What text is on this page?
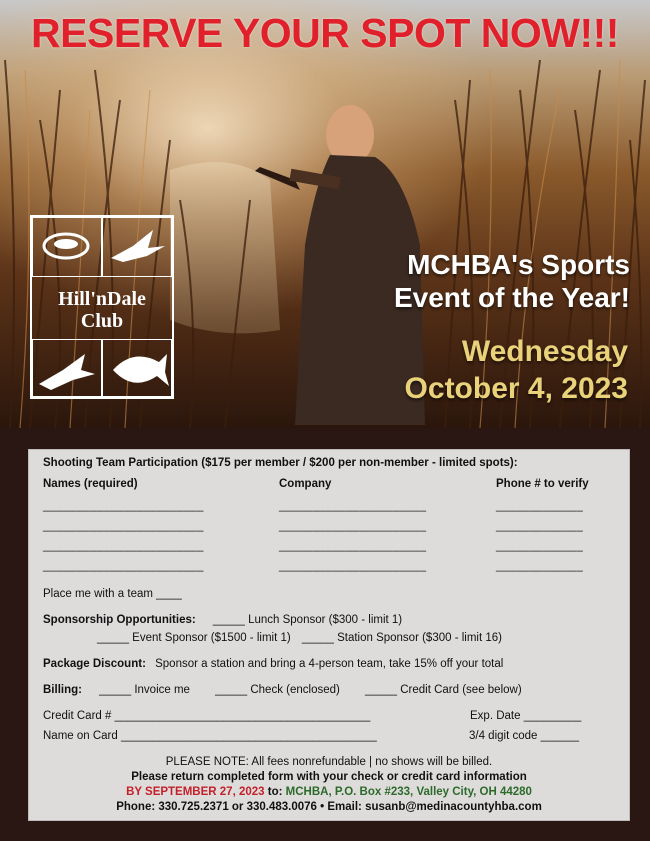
RESERVE YOUR SPOT NOW!!!
Hill'nDale
Club
MCHBA's Sports
Event of the Year!
Wednesday
October 4, 2023
Shooting Team Participation ($175 per member / $200 per non-member - limited spots):
Names (required)	Company	Phone # to verify
________________________	______________________	_____________
________________________	______________________	_____________
________________________	______________________	_____________
________________________	______________________	_____________
Place me with a team ____
Sponsorship Opportunities: _____ Lunch Sponsor ($300 - limit 1)
_____ Event Sponsor ($1500 - limit 1) _____ Station Sponsor ($300 - limit 16)
Package Discount: Sponsor a station and bring a 4-person team, take 15% off your total
Billing: _____ Invoice me _____ Check (enclosed) _____ Credit Card (see below)
Credit Card # ________________________________________	Exp. Date _________
Name on Card ________________________________________	3/4 digit code ______
PLEASE NOTE: All fees nonrefundable | no shows will be billed.
Please return completed form with your check or credit card information
BY SEPTEMBER 27, 2023 to: MCHBA, P.O. Box #233, Valley City, OH 44280
Phone: 330.725.2371 or 330.483.0076 • Email: susanb@medinacountyhba.com
